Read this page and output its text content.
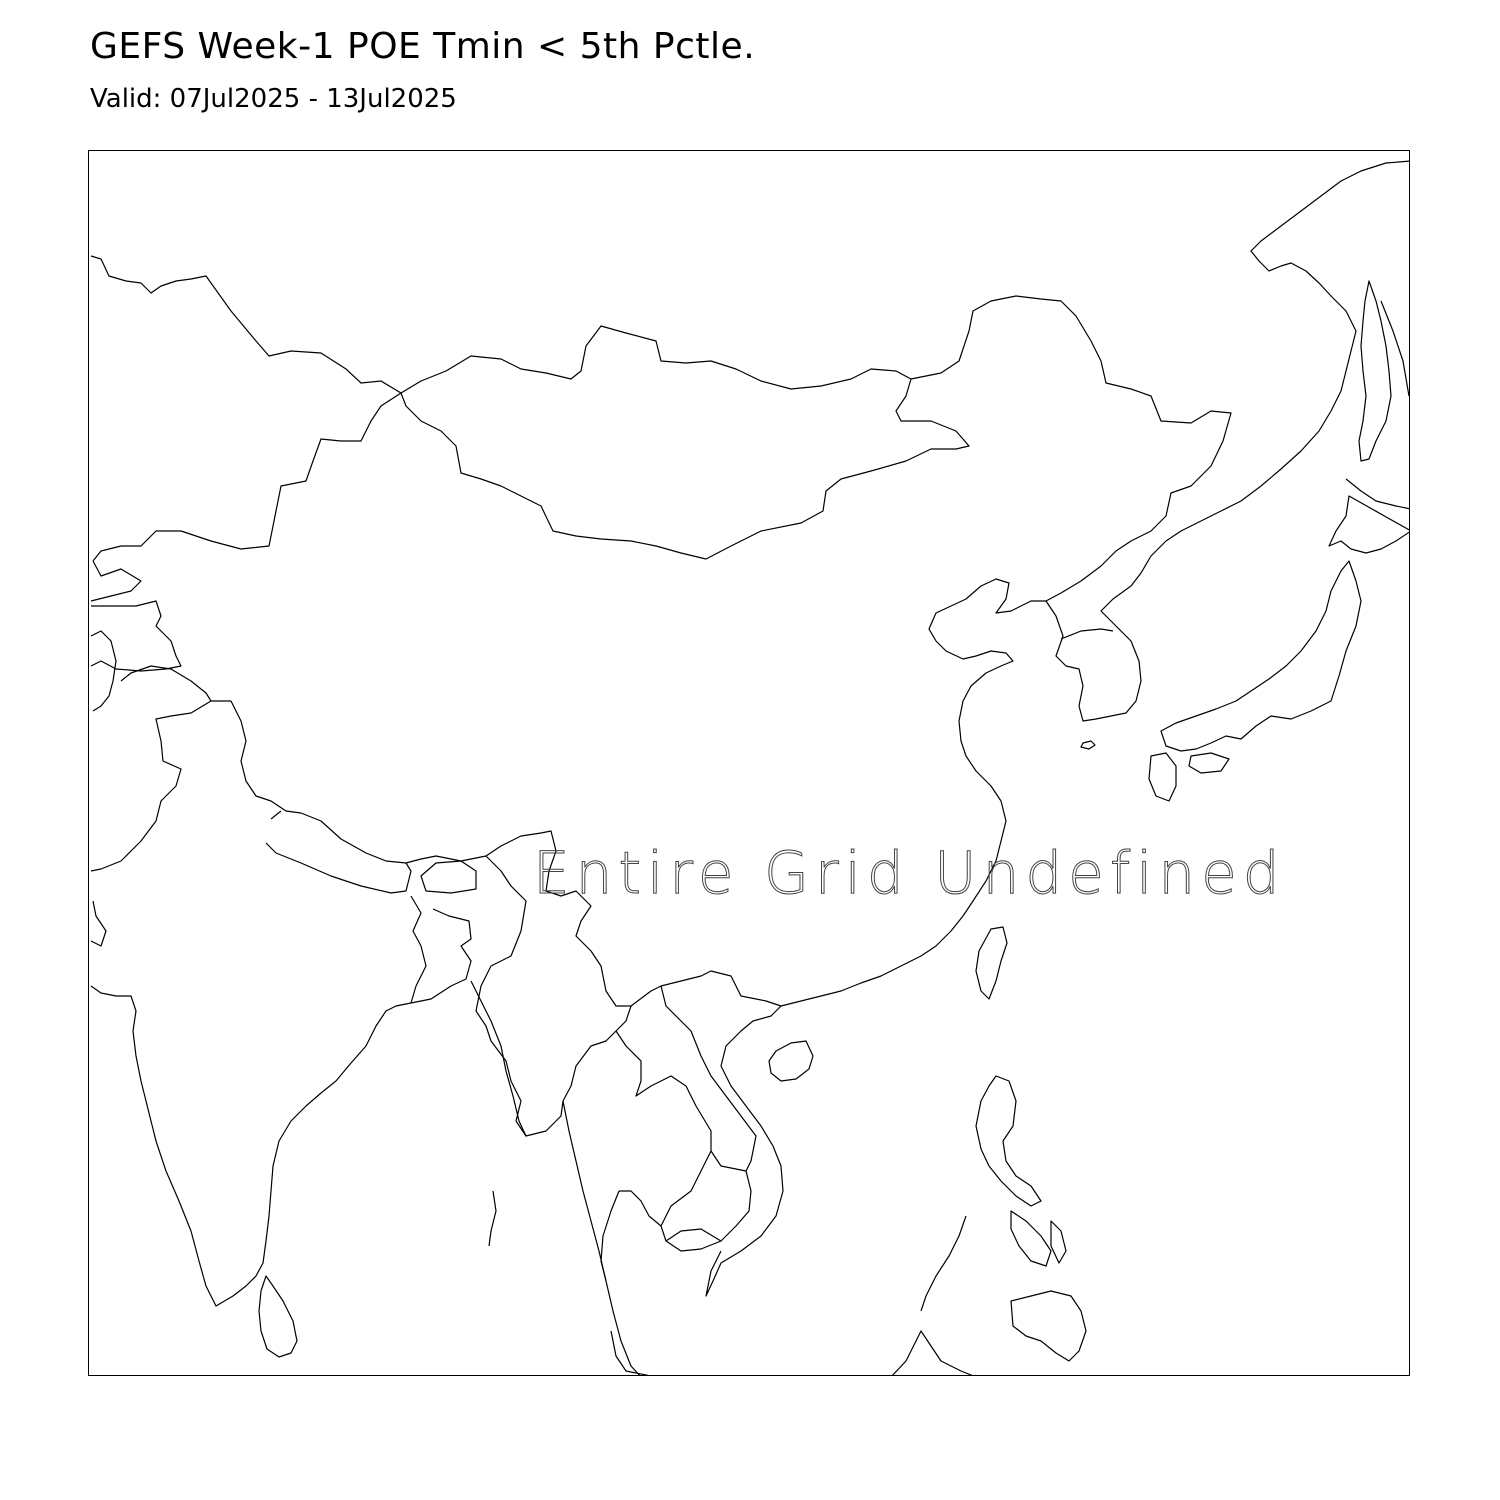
GEFS Week-1 POE Tmin < 5th Pctle.
Valid: 07Jul2025 - 13Jul2025
Entire Grid Undefined
